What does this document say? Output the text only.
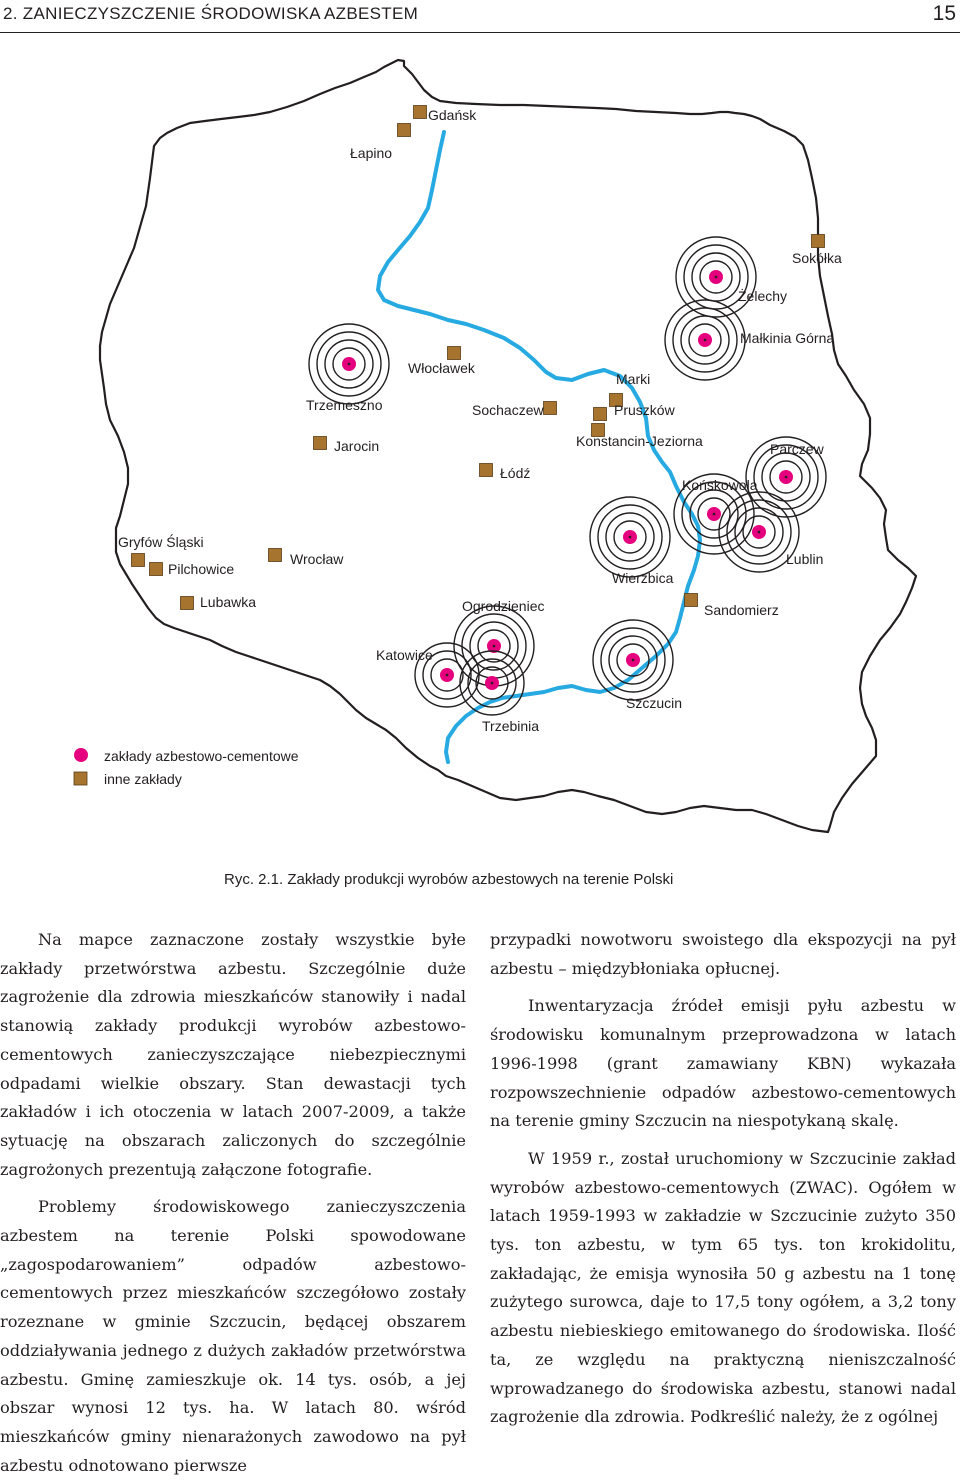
2. ZANIECZYSZCZENIE ŚRODOWISKA AZBESTEM	15
Gdańsk
Łapino
Sokółka
Żelechy
Małkinia Górna
Włocławek
Marki
Trzemeszno	Sochaczew	Pruszków
Jarocin	Konstancin-Jeziorna	Parczew
Łódź
Końskowola
Gryfów Śląski
Wrocław	Lublin
Pilchowice
Wierzbica
Lubawka	Ogrodzieniec	Sandomierz
Katowice
Szczucin
Trzebinia
zakłady azbestowo-cementowe
inne zakłady
Ryc. 2.1. Zakłady produkcji wyrobów azbestowych na terenie Polski

Na mapce zaznaczone zostały wszystkie byłe zakłady przetwórstwa azbestu. Szczególnie duże zagrożenie dla zdrowia mieszkańców stanowiły i nadal stanowią zakłady produkcji wyrobów azbestowo-cementowych zanieczyszczające niebezpiecznymi odpadami wielkie obszary. Stan dewastacji tych zakładów i ich otoczenia w latach 2007-2009, a także sytuację na obszarach zaliczonych do szczególnie zagrożonych prezentują załączone fotografie.

Problemy środowiskowego zanieczyszczenia azbestem na terenie Polski spowodowane „zagospodarowaniem” odpadów azbestowo-cementowych przez mieszkańców szczegółowo zostały rozeznane w gminie Szczucin, będącej obszarem oddziaływania jednego z dużych zakładów przetwórstwa azbestu. Gminę zamieszkuje ok. 14 tys. osób, a jej obszar wynosi 12 tys. ha. W latach 80. wśród mieszkańców gminy nienarażonych zawodowo na pył azbestu odnotowano pierwsze

przypadki nowotworu swoistego dla ekspozycji na pył azbestu – międzybłoniaka opłucnej.

Inwentaryzacja źródeł emisji pyłu azbestu w środowisku komunalnym przeprowadzona w latach 1996-1998 (grant zamawiany KBN) wykazała rozpowszechnienie odpadów azbestowo-cementowych na terenie gminy Szczucin na niespotykaną skalę.

W 1959 r., został uruchomiony w Szczucinie zakład wyrobów azbestowo-cementowych (ZWAC). Ogółem w latach 1959-1993 w zakładzie w Szczucinie zużyto 350 tys. ton azbestu, w tym 65 tys. ton krokidolitu, zakładając, że emisja wynosiła 50 g azbestu na 1 tonę zużytego surowca, daje to 17,5 tony ogółem, a 3,2 tony azbestu niebieskiego emitowanego do środowiska. Ilość ta, ze względu na praktyczną nieniszczalność wprowadzanego do środowiska azbestu, stanowi nadal zagrożenie dla zdrowia. Podkreślić należy, że z ogólnej
